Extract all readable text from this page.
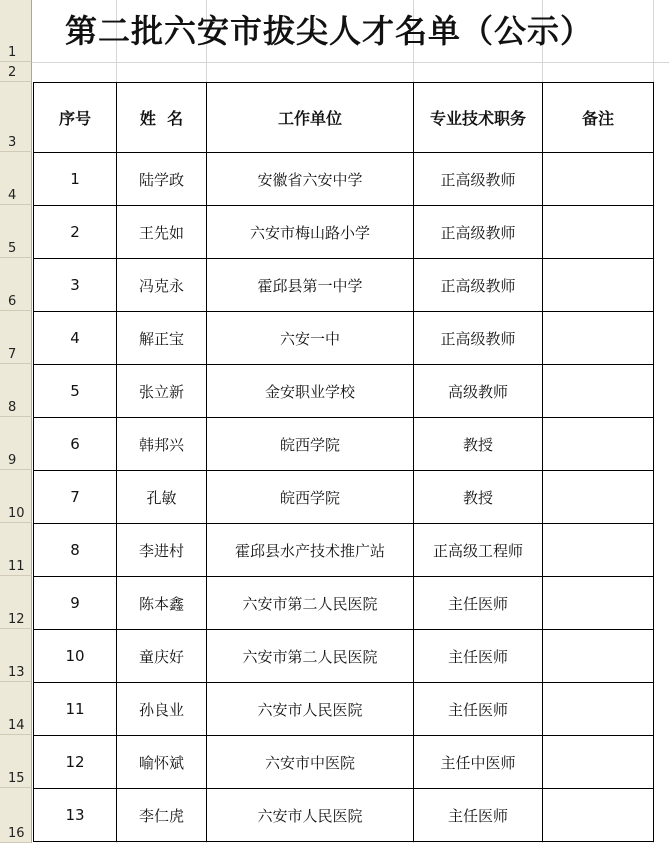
1
2
3
4
5
6
7
8
9
10
11
12
13
14
15
16
第二批六安市拔尖人才名单（公示）
序号	姓  名	工作单位	专业技术职务	备注
1	陆学政	安徽省六安中学	正高级教师	
2	王先如	六安市梅山路小学	正高级教师	
3	冯克永	霍邱县第一中学	正高级教师	
4	解正宝	六安一中	正高级教师	
5	张立新	金安职业学校	高级教师	
6	韩邦兴	皖西学院	教授	
7	孔敏	皖西学院	教授	
8	李进村	霍邱县水产技术推广站	正高级工程师	
9	陈本鑫	六安市第二人民医院	主任医师	
10	童庆好	六安市第二人民医院	主任医师	
11	孙良业	六安市人民医院	主任医师	
12	喻怀斌	六安市中医院	主任中医师	
13	李仁虎	六安市人民医院	主任医师	
